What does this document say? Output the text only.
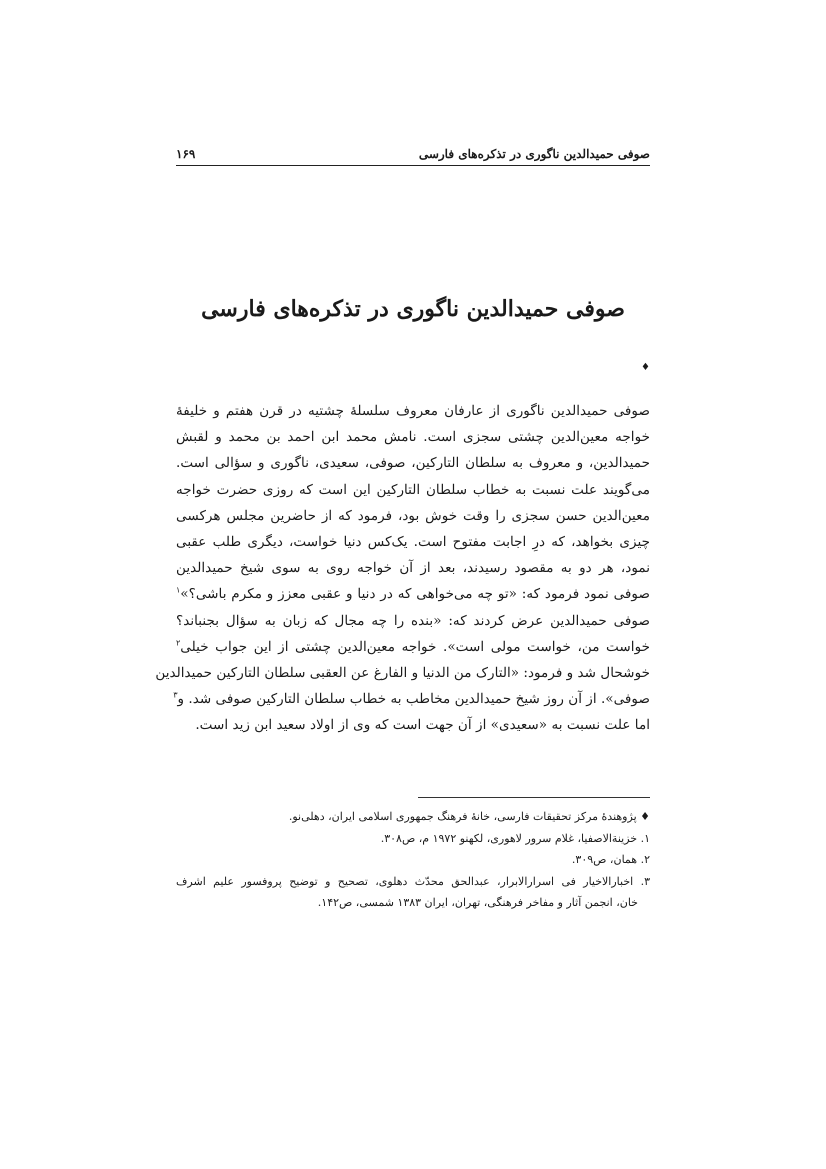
صوفی حمیدالدین ناگوری در تذکره‌های فارسی
۱۶۹
صوفی حمیدالدین ناگوری در تذکره‌های فارسی
♦
صوفی حمیدالدین ناگوری از عارفان معروف سلسلهٔ چشتیه در قرن هفتم و خلیفهٔ
خواجه معین‌الدین چشتی سجزی است. نامش محمد ابن احمد بن محمد و لقبش
حمیدالدین، و معروف به سلطان التارکین، صوفی، سعیدی، ناگوری و سؤالی است.
می‌گویند علت نسبت به خطاب سلطان التارکین این است که روزی حضرت خواجه
معین‌الدین حسن سجزی را وقت خوش بود، فرمود که از حاضرین مجلس هرکسی
چیزی بخواهد، که درِ اجابت مفتوح است. یک‌کس دنیا خواست، دیگری طلب عقبی
نمود، هر دو به مقصود رسیدند، بعد از آن خواجه روی به سوی شیخ حمیدالدین
صوفی نمود فرمود که: «تو چه می‌خواهی که در دنیا و عقبی معزز و مکرم باشی؟»$^۱$
صوفی حمیدالدین عرض کردند که: «بنده را چه مجال که زبان به سؤال بجنباند؟
خواست من، خواست مولی است». خواجه معین‌الدین چشتی از این جواب خیلی$^۲$
خوشحال شد و فرمود: «التارک من الدنیا و الفارغ عن العقبی سلطان التارکین حمیدالدین
صوفی». از آن روز شیخ حمیدالدین مخاطب به خطاب سلطان التارکین صوفی شد. و$^۳$
اما علت نسبت به «سعیدی» از آن جهت است که وی از اولاد سعید ابن زید است.
♦ پژوهندهٔ مرکز تحقیقات فارسی، خانهٔ فرهنگ جمهوری اسلامی ایران، دهلی‌نو.
۱. خزینةالاصفیا، غلام سرور لاهوری، لکهنو ۱۹۷۲ م، ص۳۰۸.
۲. همان، ص۳۰۹.
۳. اخبارالاخیار فی اسرارالابرار، عبدالحق محدّث دهلوی، تصحیح و توضیح پروفسور علیم اشرف
خان، انجمن آثار و مفاخر فرهنگی، تهران، ایران ۱۳۸۳ شمسی، ص۱۴۲.
